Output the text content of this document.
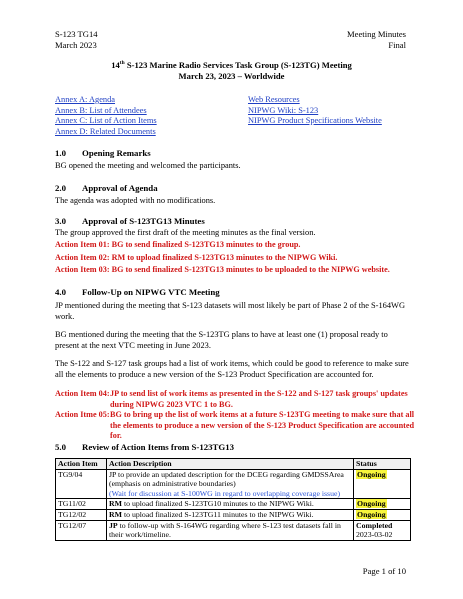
S-123 TG14
March 2023
Meeting Minutes
Final
14th S-123 Marine Radio Services Task Group (S-123TG) Meeting
March 23, 2023 – Worldwide
Annex A: Agenda
Annex B: List of Attendees
Annex C: List of Action Items
Annex D: Related Documents
Web Resources
NIPWG Wiki: S-123
NIPWG Product Specifications Website
1.0 Opening Remarks
BG opened the meeting and welcomed the participants.
2.0 Approval of Agenda
The agenda was adopted with no modifications.
3.0 Approval of S-123TG13 Minutes
The group approved the first draft of the meeting minutes as the final version.
Action Item 01: BG to send finalized S-123TG13 minutes to the group.
Action Item 02: RM to upload finalized S-123TG13 minutes to the NIPWG Wiki.
Action Item 03: BG to send finalized S-123TG13 minutes to be uploaded to the NIPWG website.
4.0 Follow-Up on NIPWG VTC Meeting
JP mentioned during the meeting that S-123 datasets will most likely be part of Phase 2 of the S-164WG work.
BG mentioned during the meeting that the S-123TG plans to have at least one (1) proposal ready to present at the next VTC meeting in June 2023.
The S-122 and S-127 task groups had a list of work items, which could be good to reference to make sure all the elements to produce a new version of the S-123 Product Specification are accounted for.
Action Item 04: JP to send list of work items as presented in the S-122 and S-127 task groups' updates during NIPWG 2023 VTC 1 to BG.
Action Itme 05: BG to bring up the list of work items at a future S-123TG meeting to make sure that all the elements to produce a new version of the S-123 Product Specification are accounted for.
5.0 Review of Action Items from S-123TG13
Action Item	Action Description	Status
TG9/04	JP to provide an updated description for the DCEG regarding GMDSSArea (emphasis on administrative boundaries)
(Wait for discussion at S-100WG in regard to overlapping coverage issue)	Ongoing
TG11/02	RM to upload finalized S-123TG10 minutes to the NIPWG Wiki.	Ongoing
TG12/02	RM to upload finalized S-123TG11 minutes to the NIPWG Wiki.	Ongoing
TG12/07	JP to follow-up with S-164WG regarding where S-123 test datasets fall in their work/timeline.	Completed
2023-03-02
Page 1 of 10
